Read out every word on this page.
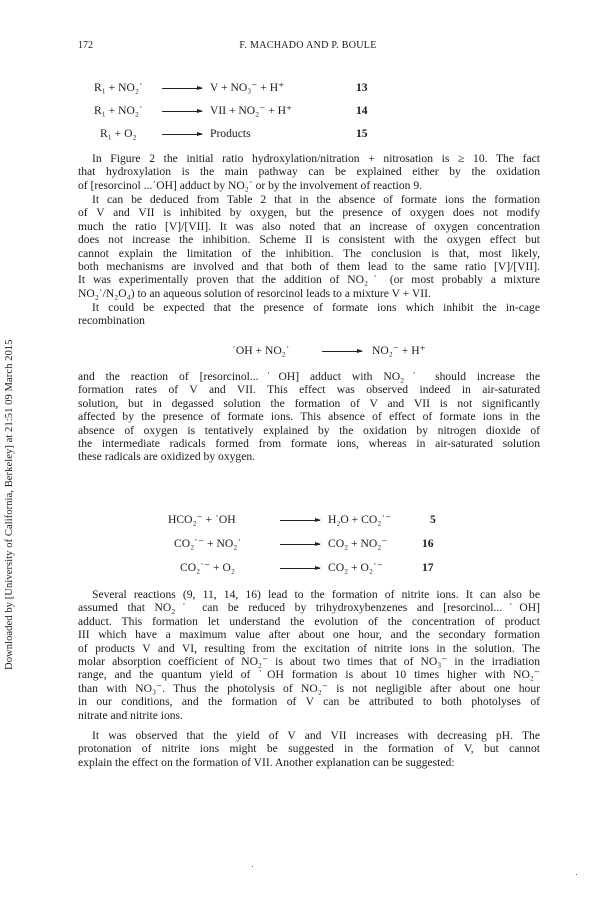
Downloaded by [University of California, Berkeley] at 21:51 09 March 2015
172	F. MACHADO AND P. BOULE
R₁ + NO₂˙ → V + NO₃⁻ + H⁺	13
R₁ + NO₂˙ → VII + NO₂⁻ + H⁺	14
R₁ + O₂ → Products	15
In Figure 2 the initial ratio hydroxylation/nitration + nitrosation is ≥ 10. The fact
that hydroxylation is the main pathway can be explained either by the oxidation
of [resorcinol ...˙OH] adduct by NO₂˙ or by the involvement of reaction 9.
It can be deduced from Table 2 that in the absence of formate ions the formation
of V and VII is inhibited by oxygen, but the presence of oxygen does not modify
much the ratio [V]/[VII]. It was also noted that an increase of oxygen concentration
does not increase the inhibition. Scheme II is consistent with the oxygen effect but
cannot explain the limitation of the inhibition. The conclusion is that, most likely,
both mechanisms are involved and that both of them lead to the same ratio [V]/[VII].
It was experimentally proven that the addition of NO₂˙ (or most probably a mixture
NO₂˙/N₂O₄) to an aqueous solution of resorcinol leads to a mixture V + VII.
It could be expected that the presence of formate ions which inhibit the in-cage
recombination
˙OH + NO₂˙	→ NO₂⁻ + H⁺
and the reaction of [resorcinol...˙OH] adduct with NO₂˙ should increase the
formation rates of V and VII. This effect was observed indeed in air-saturated
solution, but in degassed solution the formation of V and VII is not significantly
affected by the presence of formate ions. This absence of effect of formate ions in the
absence of oxygen is tentatively explained by the oxidation by nitrogen dioxide of
the intermediate radicals formed from formate ions, whereas in air-saturated solution
these radicals are oxidized by oxygen.
HCO₂⁻ + ˙OH	→ H₂O + CO₂˙⁻	5
CO₂˙⁻ + NO₂˙	→ CO₂ + NO₂⁻	16
CO₂˙⁻ + O₂	→ CO₂ + O₂˙⁻	17
Several reactions (9, 11, 14, 16) lead to the formation of nitrite ions. It can also be
assumed that NO₂˙ can be reduced by trihydroxybenzenes and [resorcinol...˙OH]
adduct. This formation let understand the evolution of the concentration of product
III which have a maximum value after about one hour, and the secondary formation
of products V and VI, resulting from the excitation of nitrite ions in the solution. The
molar absorption coefficient of NO₂⁻ is about two times that of NO₃⁻ in the irradiation
range, and the quantum yield of ˙OH formation is about 10 times higher with NO₂⁻
than with NO₃⁻. Thus the photolysis of NO₂⁻ is not negligible after about one hour
in our conditions, and the formation of V can be attributed to both photolyses of
nitrate and nitrite ions.
It was observed that the yield of V and VII increases with decreasing pH. The
protonation of nitrite ions might be suggested in the formation of V, but cannot
explain the effect on the formation of VII. Another explanation can be suggested:
